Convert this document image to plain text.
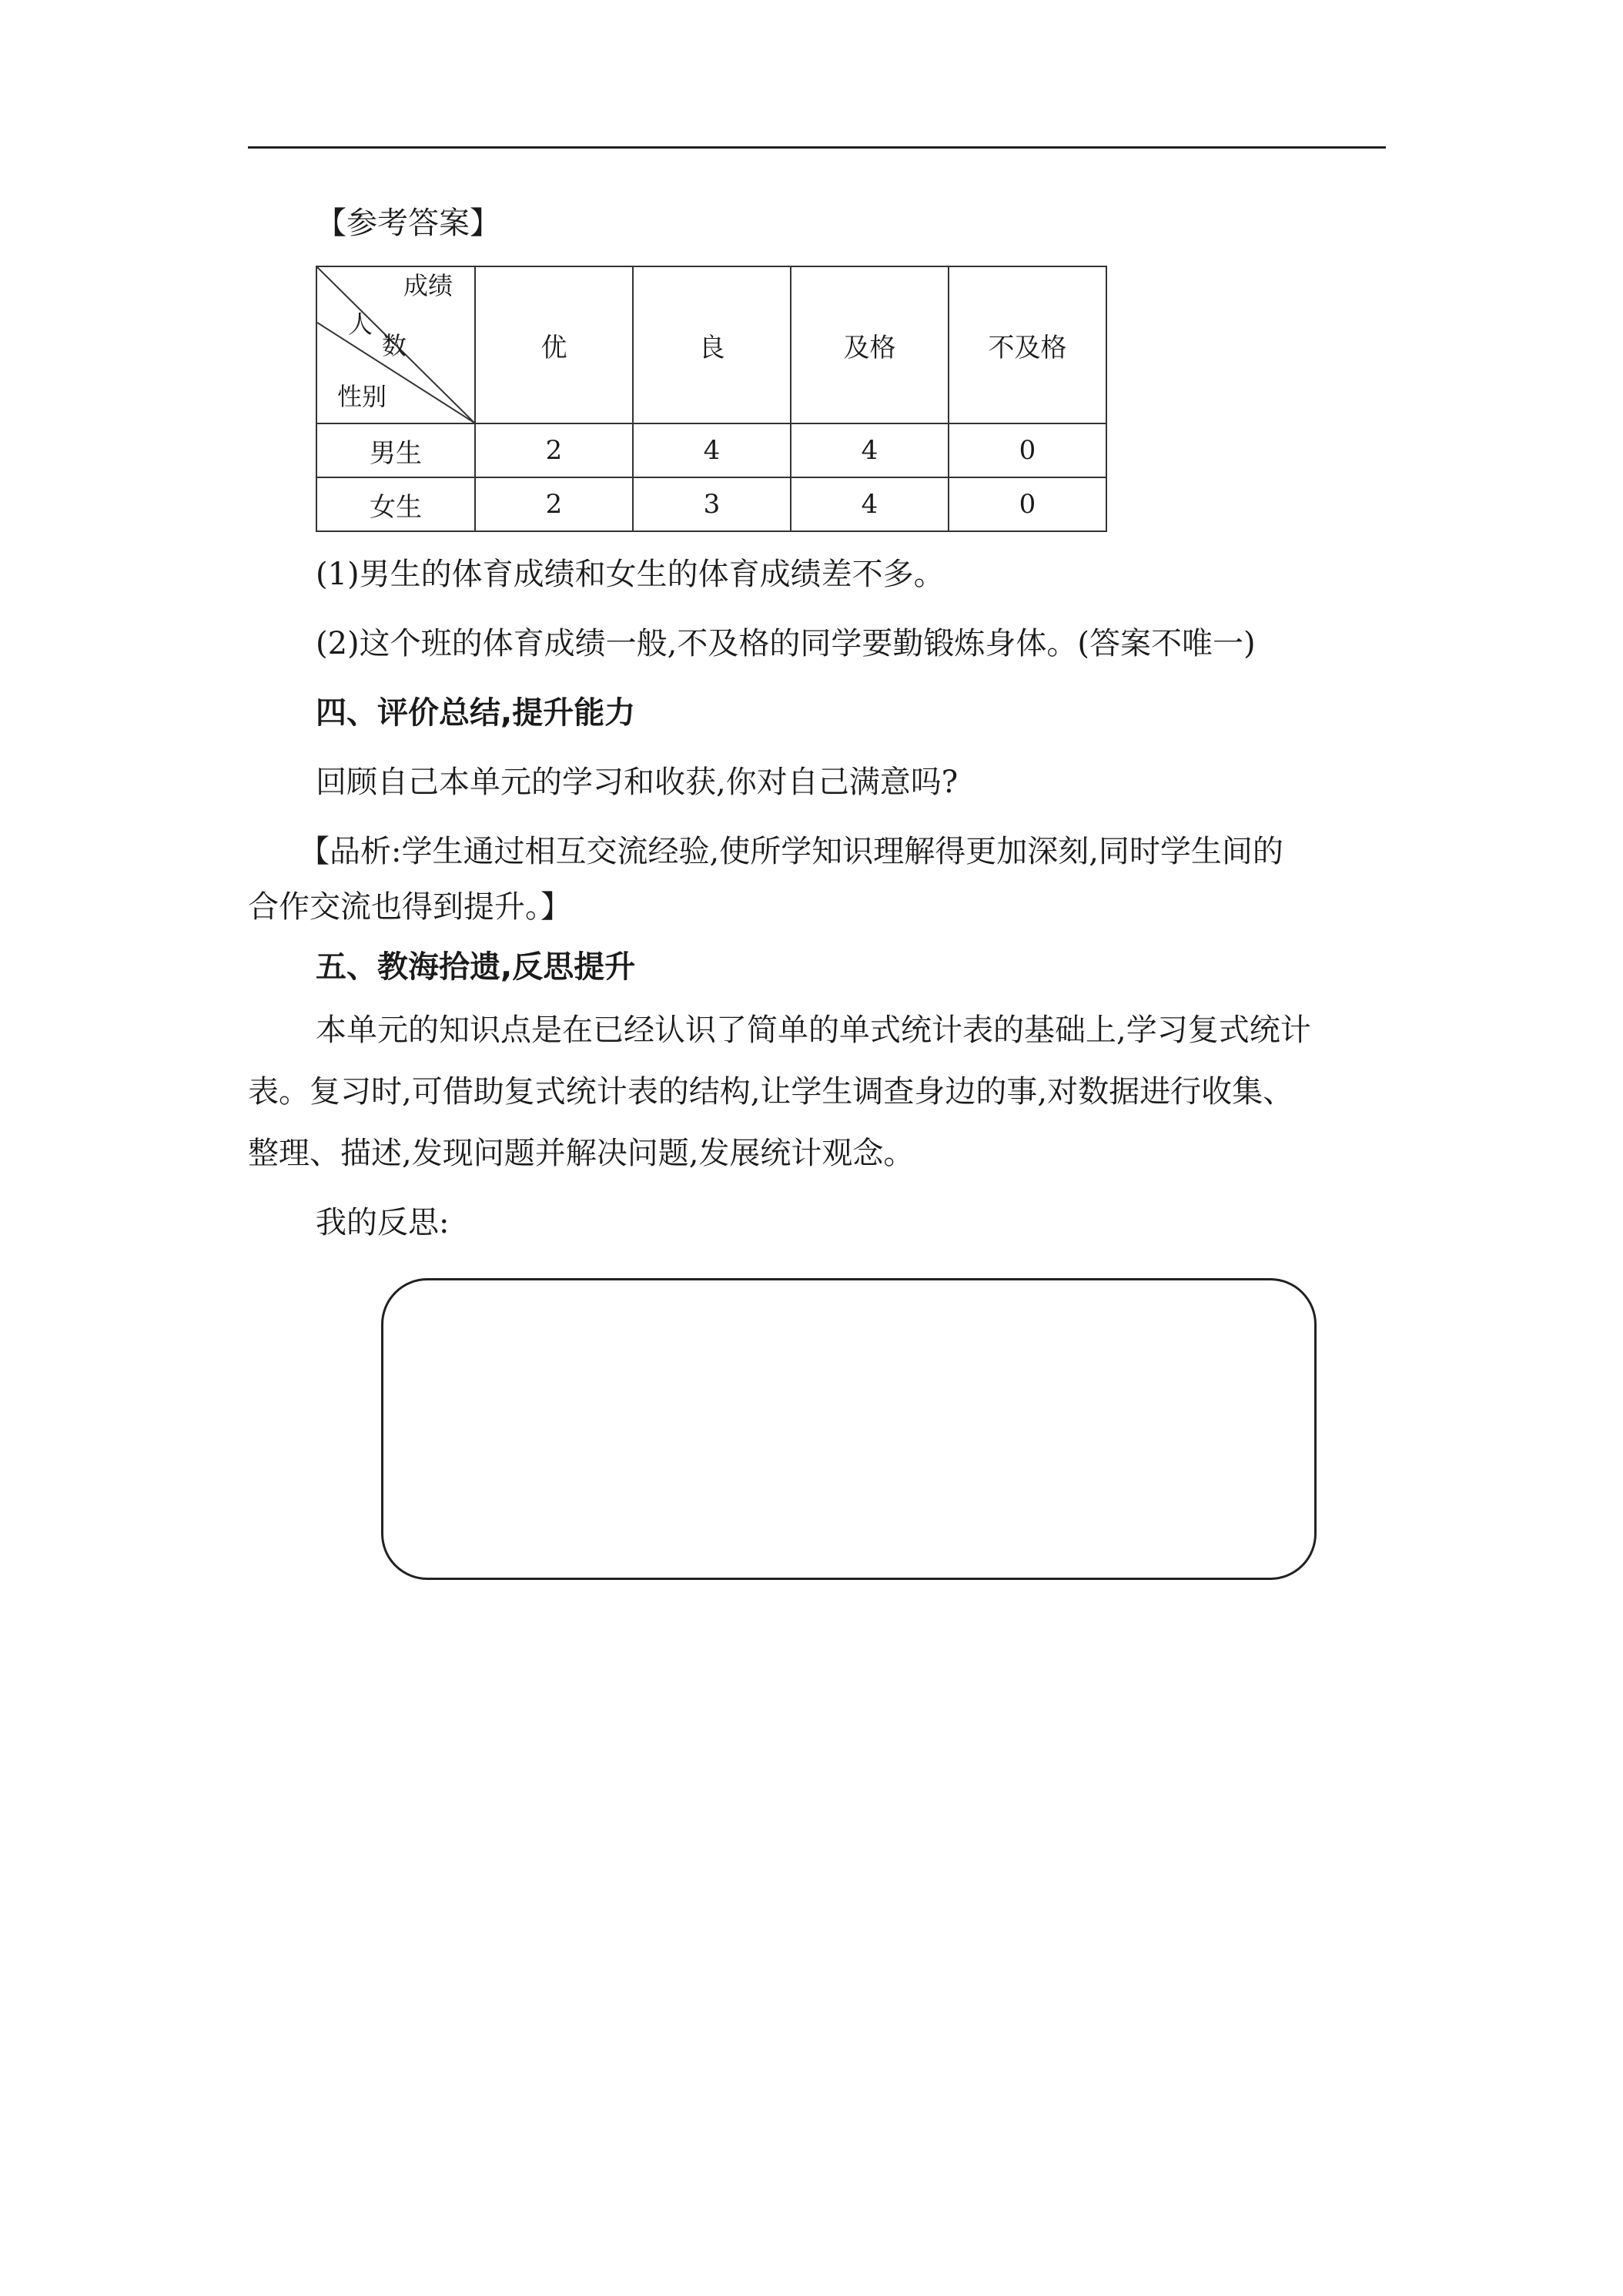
【参考答案】
成绩
人
数
性别	优	良	及格	不及格
男生	2	4	4	0
女生	2	3	4	0
(1)男生的体育成绩和女生的体育成绩差不多。
(2)这个班的体育成绩一般,不及格的同学要勤锻炼身体。(答案不唯一)
四、评价总结,提升能力
回顾自己本单元的学习和收获,你对自己满意吗?
【品析:学生通过相互交流经验,使所学知识理解得更加深刻,同时学生间的
合作交流也得到提升。】
五、教海拾遗,反思提升
本单元的知识点是在已经认识了简单的单式统计表的基础上,学习复式统计
表。复习时,可借助复式统计表的结构,让学生调查身边的事,对数据进行收集、
整理、描述,发现问题并解决问题,发展统计观念。
我的反思:
